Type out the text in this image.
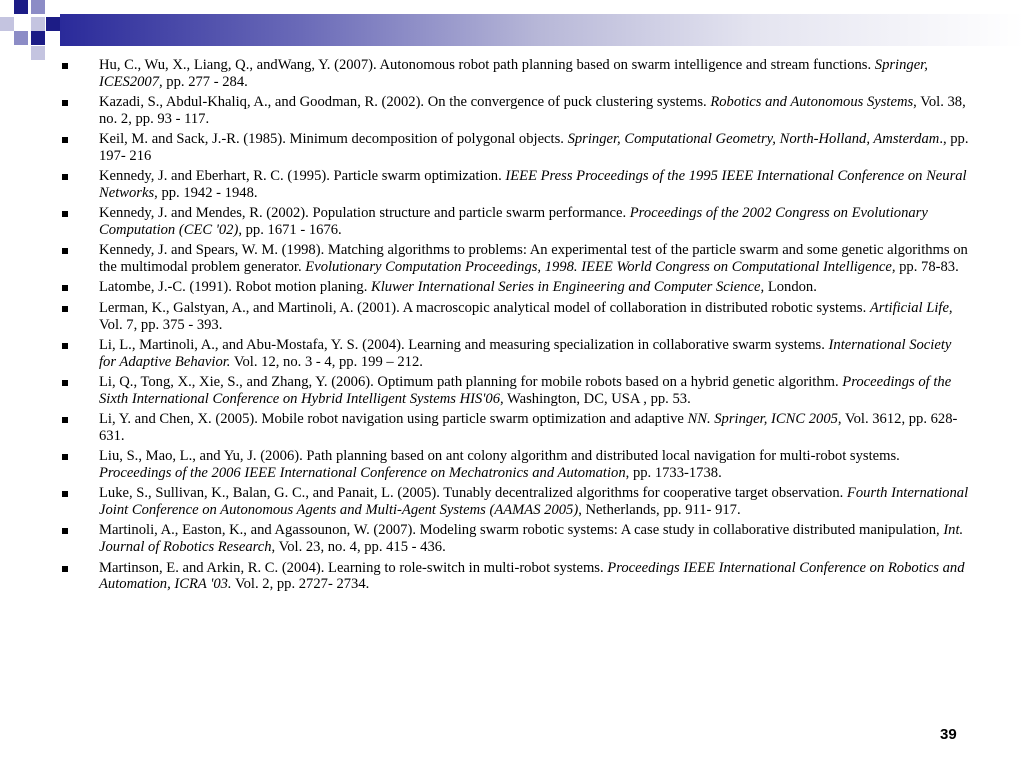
Hu, C., Wu, X., Liang, Q., andWang, Y. (2007). Autonomous robot path planning based on swarm intelligence and stream functions. Springer, ICES2007, pp. 277 - 284.
Kazadi, S., Abdul-Khaliq, A., and Goodman, R. (2002). On the convergence of puck clustering systems. Robotics and Autonomous Systems, Vol. 38, no. 2, pp. 93 - 117.
Keil, M. and Sack, J.-R. (1985). Minimum decomposition of polygonal objects. Springer, Computational Geometry, North-Holland, Amsterdam., pp. 197- 216
Kennedy, J. and Eberhart, R. C. (1995). Particle swarm optimization. IEEE Press Proceedings of the 1995 IEEE International Conference on Neural Networks, pp. 1942 - 1948.
Kennedy, J. and Mendes, R. (2002). Population structure and particle swarm performance. Proceedings of the 2002 Congress on Evolutionary Computation (CEC '02), pp. 1671 - 1676.
Kennedy, J. and Spears, W. M. (1998). Matching algorithms to problems: An experimental test of the particle swarm and some genetic algorithms on the multimodal problem generator. Evolutionary Computation Proceedings, 1998. IEEE World Congress on Computational Intelligence, pp. 78-83.
Latombe, J.-C. (1991). Robot motion planing. Kluwer International Series in Engineering and Computer Science, London.
Lerman, K., Galstyan, A., and Martinoli, A. (2001). A macroscopic analytical model of collaboration in distributed robotic systems. Artificial Life, Vol. 7, pp. 375 - 393.
Li, L., Martinoli, A., and Abu-Mostafa, Y. S. (2004). Learning and measuring specialization in collaborative swarm systems. International Society for Adaptive Behavior. Vol. 12, no. 3 - 4, pp. 199 – 212.
Li, Q., Tong, X., Xie, S., and Zhang, Y. (2006). Optimum path planning for mobile robots based on a hybrid genetic algorithm. Proceedings of the Sixth International Conference on Hybrid Intelligent Systems HIS'06, Washington, DC, USA , pp. 53.
Li, Y. and Chen, X. (2005). Mobile robot navigation using particle swarm optimization and adaptive NN. Springer, ICNC 2005, Vol. 3612, pp. 628-631.
Liu, S., Mao, L., and Yu, J. (2006). Path planning based on ant colony algorithm and distributed local navigation for multi-robot systems. Proceedings of the 2006 IEEE International Conference on Mechatronics and Automation, pp. 1733-1738.
Luke, S., Sullivan, K., Balan, G. C., and Panait, L. (2005). Tunably decentralized algorithms for cooperative target observation. Fourth International Joint Conference on Autonomous Agents and Multi-Agent Systems (AAMAS 2005), Netherlands, pp. 911- 917.
Martinoli, A., Easton, K., and Agassounon, W. (2007). Modeling swarm robotic systems: A case study in collaborative distributed manipulation, Int. Journal of Robotics Research, Vol. 23, no. 4, pp. 415 - 436.
Martinson, E. and Arkin, R. C. (2004). Learning to role-switch in multi-robot systems. Proceedings IEEE International Conference on Robotics and Automation, ICRA '03. Vol. 2, pp. 2727- 2734.
39
